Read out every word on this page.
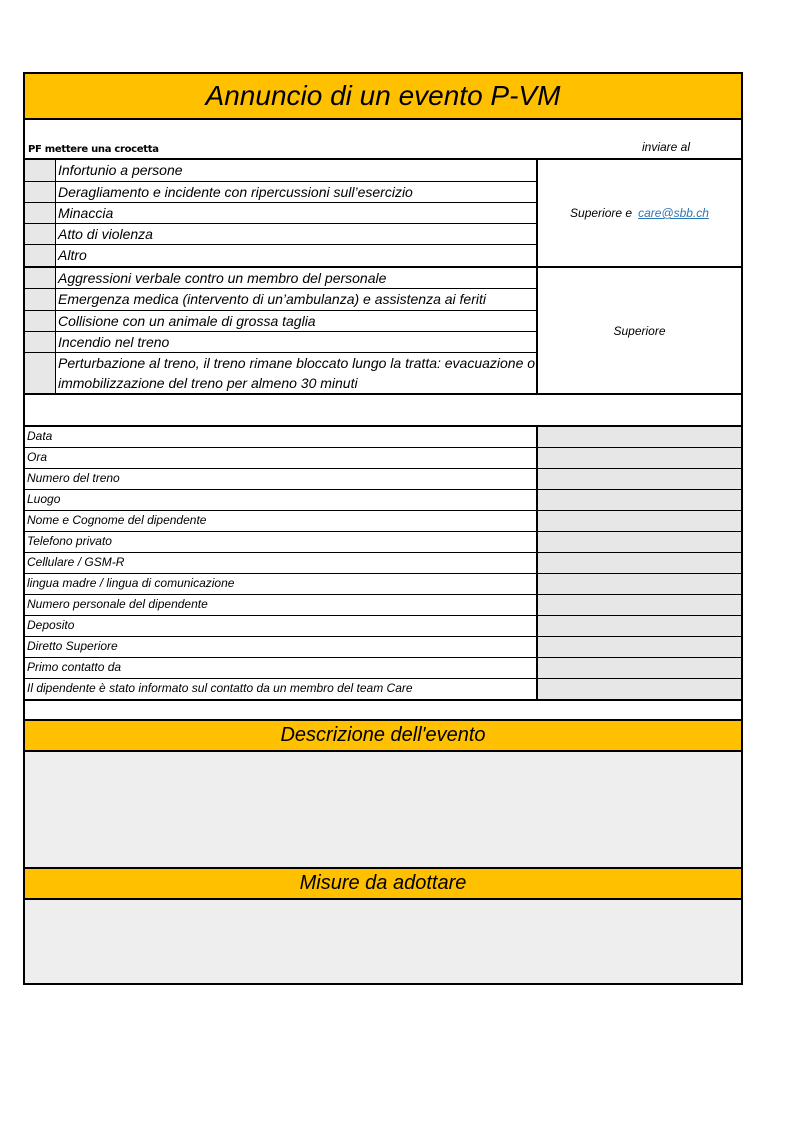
Annuncio di un evento P-VM
PF mettere una crocetta	inviare al
Infortunio a persone
Deragliamento e incidente con ripercussioni sull’esercizio
Minaccia
Atto di violenza
Altro
Superiore e care@sbb.ch
Aggressioni verbale contro un membro del personale
Emergenza medica (intervento di un’ambulanza) e assistenza ai feriti
Collisione con un animale di grossa taglia
Incendio nel treno
Perturbazione al treno, il treno rimane bloccato lungo la tratta: evacuazione o immobilizzazione del treno per almeno 30 minuti
Superiore
Data
Ora
Numero del treno
Luogo
Nome e Cognome del dipendente
Telefono privato
Cellulare / GSM-R
lingua madre / lingua di comunicazione
Numero personale del dipendente
Deposito
Diretto Superiore
Primo contatto da
Il dipendente è stato informato sul contatto da un membro del team Care
Descrizione dell'evento
Misure da adottare
